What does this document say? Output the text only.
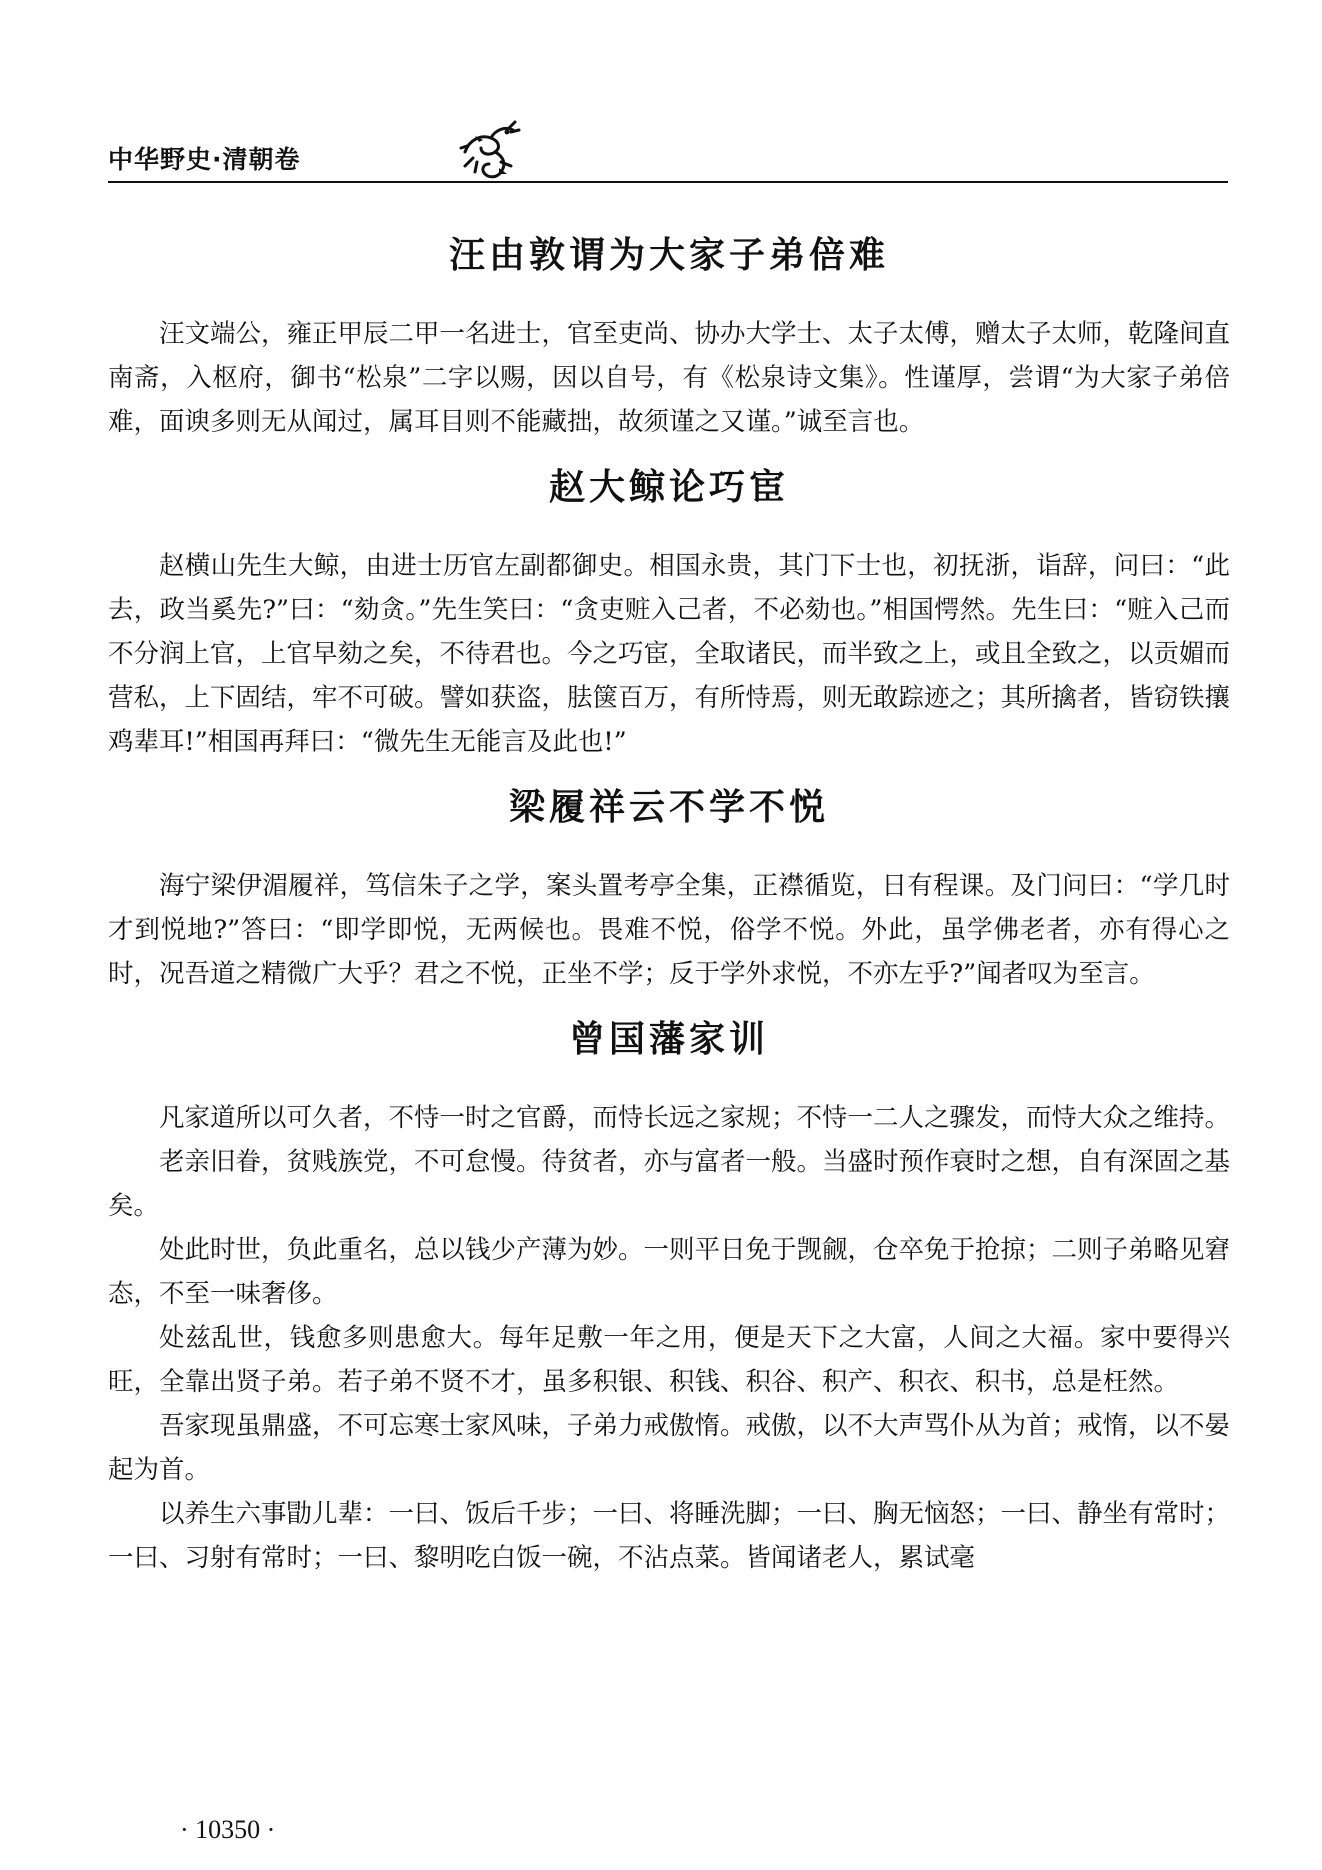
中华野史·清朝卷
汪由敦谓为大家子弟倍难

汪文端公，雍正甲辰二甲一名进士，官至吏尚、协办大学士、太子太傅，赠太子太师，乾隆间直南斋，入枢府，御书“松泉”二字以赐，因以自号，有《松泉诗文集》。性谨厚，尝谓“为大家子弟倍难，面谀多则无从闻过，属耳目则不能藏拙，故须谨之又谨。”诚至言也。

赵大鲸论巧宦

赵横山先生大鲸，由进士历官左副都御史。相国永贵，其门下士也，初抚浙，诣辞，问曰：“此去，政当奚先?”曰：“劾贪。”先生笑曰：“贪吏赃入己者，不必劾也。”相国愕然。先生曰：“赃入己而不分润上官，上官早劾之矣，不待君也。今之巧宦，全取诸民，而半致之上，或且全致之，以贡媚而营私，上下固结，牢不可破。譬如获盗，胠箧百万，有所恃焉，则无敢踪迹之；其所擒者，皆窃铁攘鸡辈耳!”相国再拜曰：“微先生无能言及此也!”

梁履祥云不学不悦

海宁梁伊湄履祥，笃信朱子之学，案头置考亭全集，正襟循览，日有程课。及门问曰：“学几时才到悦地?”答曰：“即学即悦，无两候也。畏难不悦，俗学不悦。外此，虽学佛老者，亦有得心之时，况吾道之精微广大乎？君之不悦，正坐不学；反于学外求悦，不亦左乎?”闻者叹为至言。

曾国藩家训

凡家道所以可久者，不恃一时之官爵，而恃长远之家规；不恃一二人之骤发，而恃大众之维持。

老亲旧眷，贫贱族党，不可怠慢。待贫者，亦与富者一般。当盛时预作衰时之想，自有深固之基矣。

处此时世，负此重名，总以钱少产薄为妙。一则平日免于觊觎，仓卒免于抢掠；二则子弟略见窘态，不至一味奢侈。

处兹乱世，钱愈多则患愈大。每年足敷一年之用，便是天下之大富，人间之大福。家中要得兴旺，全靠出贤子弟。若子弟不贤不才，虽多积银、积钱、积谷、积产、积衣、积书，总是枉然。

吾家现虽鼎盛，不可忘寒士家风味，子弟力戒傲惰。戒傲，以不大声骂仆从为首；戒惰，以不晏起为首。

以养生六事勖儿辈：一曰、饭后千步；一曰、将睡洗脚；一曰、胸无恼怒；一曰、静坐有常时；一曰、习射有常时；一曰、黎明吃白饭一碗，不沾点菜。皆闻诸老人，累试毫

· 10350 ·
